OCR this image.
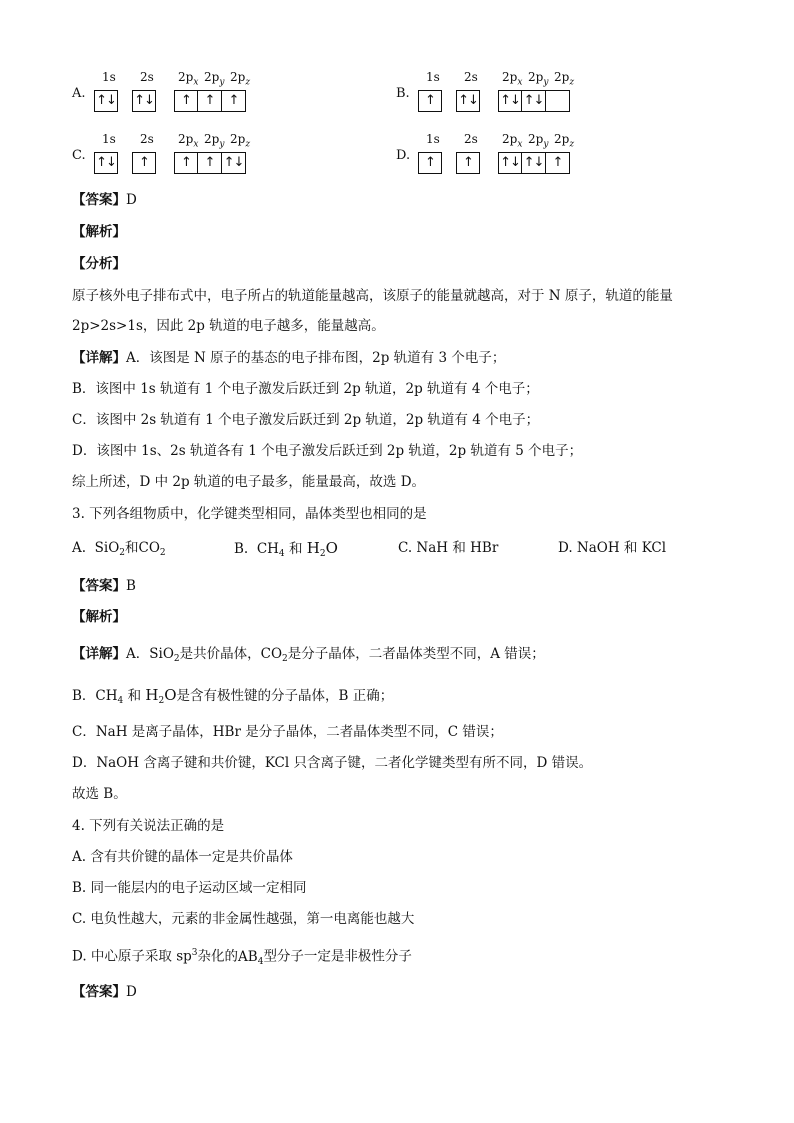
A.
1s 2s $2p_x$ $2p_y$ $2p_z$
↑↓ ↑↓	↑	↑	↑	B.
1s 2s $2p_x$ $2p_y$ $2p_z$
↑	↑↓ ↑↓ ↑↓
C.
1s 2s $2p_x$ $2p_y$ $2p_z$
↑↓	↑	↑	↑ ↑↓	D.
1s 2s $2p_x$ $2p_y$ $2p_z$
↑	↑	↑↓ ↑↓ ↑
【答案】D
【解析】
【分析】
原子核外电子排布式中，电子所占的轨道能量越高，该原子的能量就越高，对于 N 原子，轨道的能量
2p>2s>1s，因此 2p 轨道的电子越多，能量越高。
【详解】A．该图是 N 原子的基态的电子排布图，2p 轨道有 3 个电子；
B．该图中 1s 轨道有 1 个电子激发后跃迁到 2p 轨道，2p 轨道有 4 个电子；
C．该图中 2s 轨道有 1 个电子激发后跃迁到 2p 轨道，2p 轨道有 4 个电子；
D．该图中 1s、2s 轨道各有 1 个电子激发后跃迁到 2p 轨道，2p 轨道有 5 个电子；
综上所述，D 中 2p 轨道的电子最多，能量最高，故选 D。
3. 下列各组物质中，化学键类型相同，晶体类型也相同的是
A. SiO$_2$和$CO_2$	B. $CH_4$ 和 $H_2O$	C. NaH 和 HBr	D. NaOH 和 KCl
【答案】B
【解析】
【详解】A．SiO$_2$是共价晶体，$CO_2$是分子晶体，二者晶体类型不同，A 错误；
B．$CH_4$ 和 $H_2O$是含有极性键的分子晶体，B 正确；
C．NaH 是离子晶体，HBr 是分子晶体，二者晶体类型不同，C 错误；
D．NaOH 含离子键和共价键，KCl 只含离子键，二者化学键类型有所不同，D 错误。
故选 B。
4. 下列有关说法正确的是
A. 含有共价键的晶体一定是共价晶体
B. 同一能层内的电子运动区域一定相同
C. 电负性越大，元素的非金属性越强，第一电离能也越大
D. 中心原子采取 $sp^3$杂化的$AB_4$型分子一定是非极性分子
【答案】D
